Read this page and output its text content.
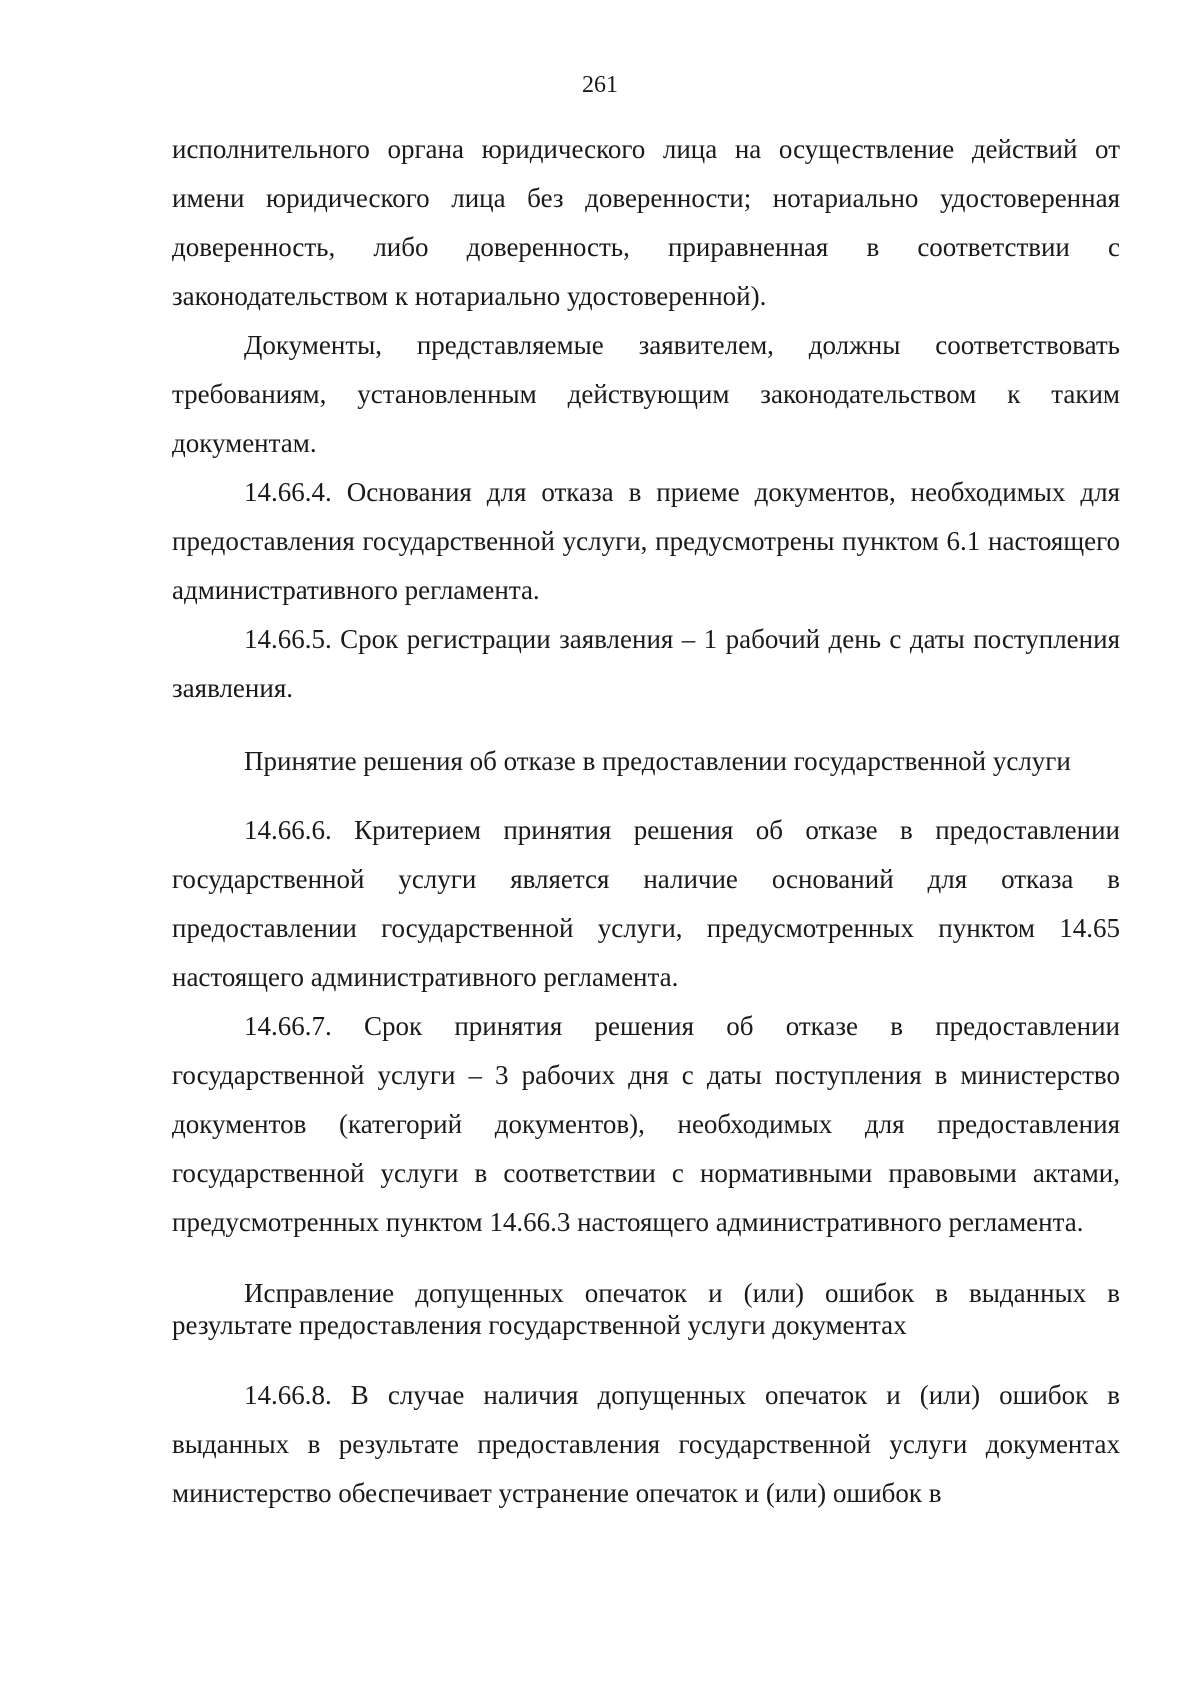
261

исполнительного органа юридического лица на осуществление действий от имени юридического лица без доверенности; нотариально удостоверенная доверенность, либо доверенность, приравненная в соответствии с законодательством к нотариально удостоверенной).

Документы, представляемые заявителем, должны соответствовать требованиям, установленным действующим законодательством к таким документам.

14.66.4. Основания для отказа в приеме документов, необходимых для предоставления государственной услуги, предусмотрены пунктом 6.1 настоящего административного регламента.

14.66.5. Срок регистрации заявления – 1 рабочий день с даты поступления заявления.

Принятие решения об отказе в предоставлении государственной услуги

14.66.6. Критерием принятия решения об отказе в предоставлении государственной услуги является наличие оснований для отказа в предоставлении государственной услуги, предусмотренных пунктом 14.65 настоящего административного регламента.

14.66.7. Срок принятия решения об отказе в предоставлении государственной услуги – 3 рабочих дня с даты поступления в министерство документов (категорий документов), необходимых для предоставления государственной услуги в соответствии с нормативными правовыми актами, предусмотренных пунктом 14.66.3 настоящего административного регламента.

Исправление допущенных опечаток и (или) ошибок в выданных в результате предоставления государственной услуги документах

14.66.8. В случае наличия допущенных опечаток и (или) ошибок в выданных в результате предоставления государственной услуги документах министерство обеспечивает устранение опечаток и (или) ошибок в
